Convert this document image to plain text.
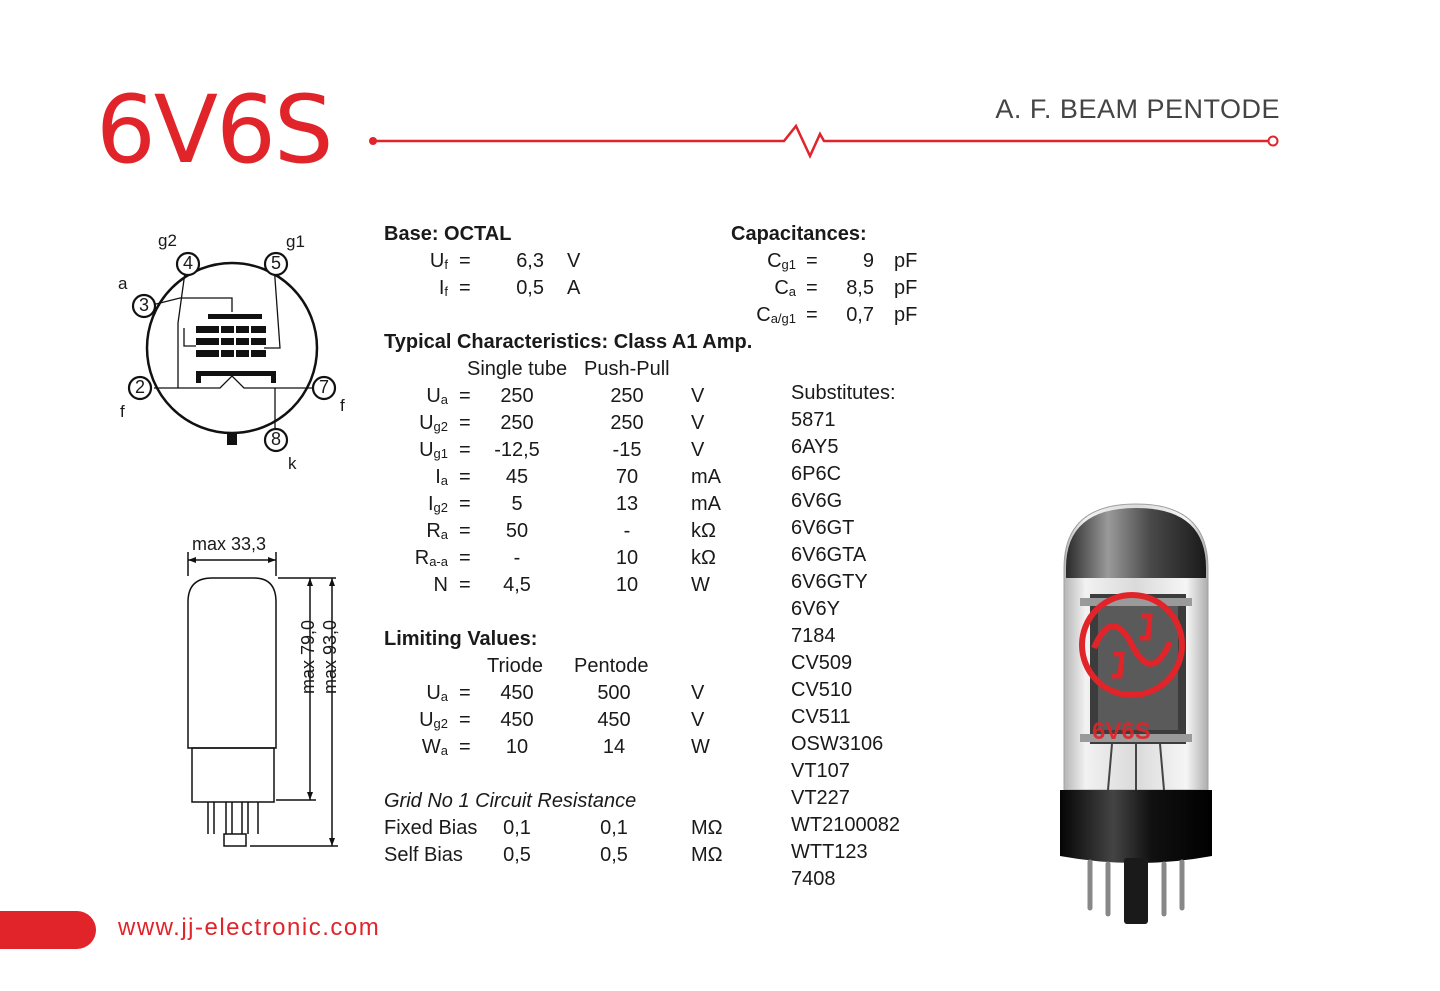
6V6S	A. F. BEAM PENTODE
4	5
3
2	7
8
g2	g1
a
f	f
k
max 33,3
max 79,0 max 93,0
Base: OCTAL
$U_f$ =	6,3 V
$I_f$ =	0,5 A
Capacitances:
$C_{g1}$ =	9 pF
$C_a$ =	8,5 pF
$C_{a/g1}$ =	0,7 pF
Typical Characteristics: Class A1 Amp.
Single tube Push-Pull
$U_a$ =	250	250	V
$U_{g2}$ =	250	250	V
$U_{g1}$ =	-12,5	-15	V
$I_a$ =	45	70	mA
$I_{g2}$ =	5	13	mA
$R_a$ =	50	-	kΩ
$R_{a-a}$ =	-	10	kΩ
N =	4,5	10	W
Limiting Values:
Triode Pentode
$U_a$ =	450	500	V
$U_{g2}$ =	450	450	V
$W_a$ =	10	14	W
Grid No 1 Circuit Resistance
Fixed Bias	0,1	0,1	MΩ
Self Bias	0,5	0,5	MΩ
Substitutes:
5871
6AY5
6P6C
6V6G
6V6GT
6V6GTA
6V6GTY
6V6Y
7184
CV509
CV510
CV511
OSW3106
VT107
VT227
WT2100082
WTT123
7408
6V6S
www.jj-electronic.com
